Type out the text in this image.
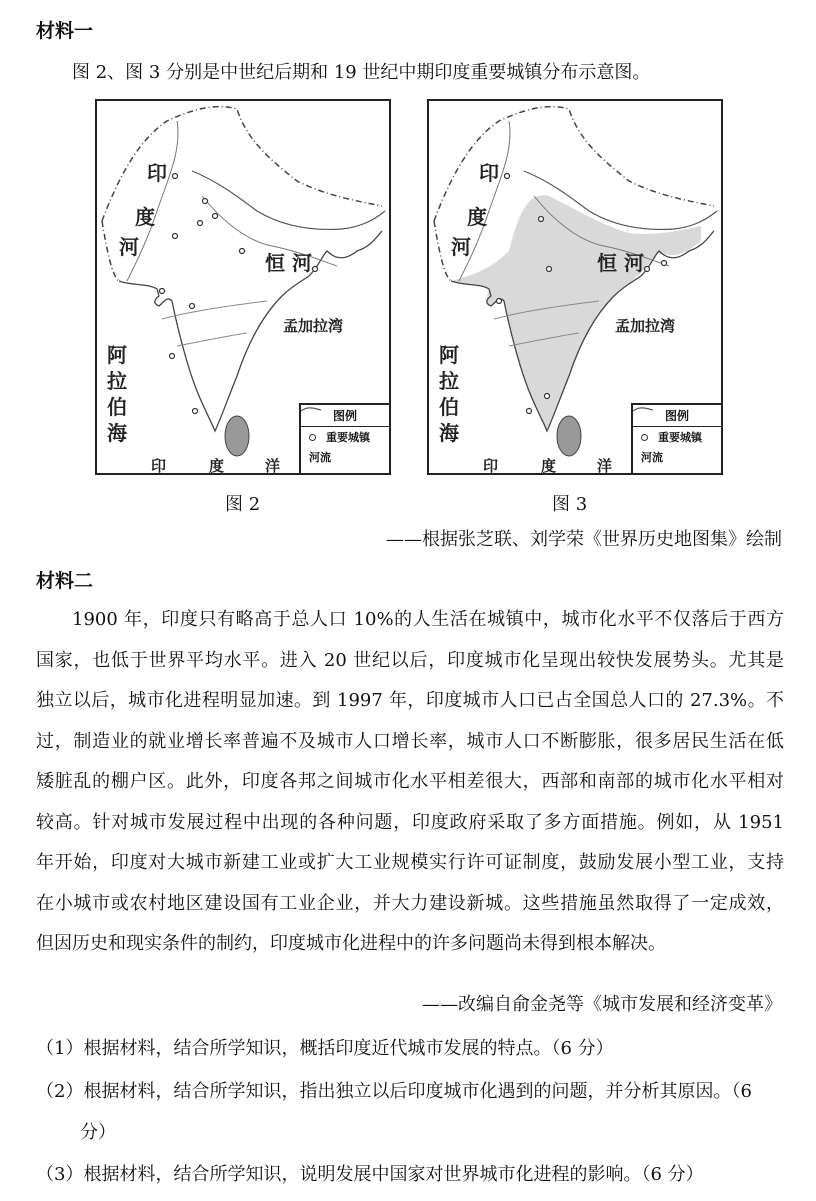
材料一
图 2、图 3 分别是中世纪后期和 19 世纪中期印度重要城镇分布示意图。
印
度
河
恒 河
孟加拉湾
阿
拉
伯
海
印	度	洋
图例
重要城镇
河流
印
度
河
恒 河
孟加拉湾
阿
拉
伯
海
印	度	洋
图例
重要城镇
河流
图 2	图 3
——根据张芝联、刘学荣《世界历史地图集》绘制
材料二
1900 年，印度只有略高于总人口 10%的人生活在城镇中，城市化水平不仅落后于西方
国家，也低于世界平均水平。进入 20 世纪以后，印度城市化呈现出较快发展势头。尤其是
独立以后，城市化进程明显加速。到 1997 年，印度城市人口已占全国总人口的 27.3%。不
过，制造业的就业增长率普遍不及城市人口增长率，城市人口不断膨胀，很多居民生活在低
矮脏乱的棚户区。此外，印度各邦之间城市化水平相差很大，西部和南部的城市化水平相对
较高。针对城市发展过程中出现的各种问题，印度政府采取了多方面措施。例如，从 1951
年开始，印度对大城市新建工业或扩大工业规模实行许可证制度，鼓励发展小型工业，支持
在小城市或农村地区建设国有工业企业，并大力建设新城。这些措施虽然取得了一定成效，
但因历史和现实条件的制约，印度城市化进程中的许多问题尚未得到根本解决。
——改编自俞金尧等《城市发展和经济变革》
（1）根据材料，结合所学知识，概括印度近代城市发展的特点。（6 分）
（2）根据材料，结合所学知识，指出独立以后印度城市化遇到的问题，并分析其原因。（6
分）
（3）根据材料，结合所学知识，说明发展中国家对世界城市化进程的影响。（6 分）
